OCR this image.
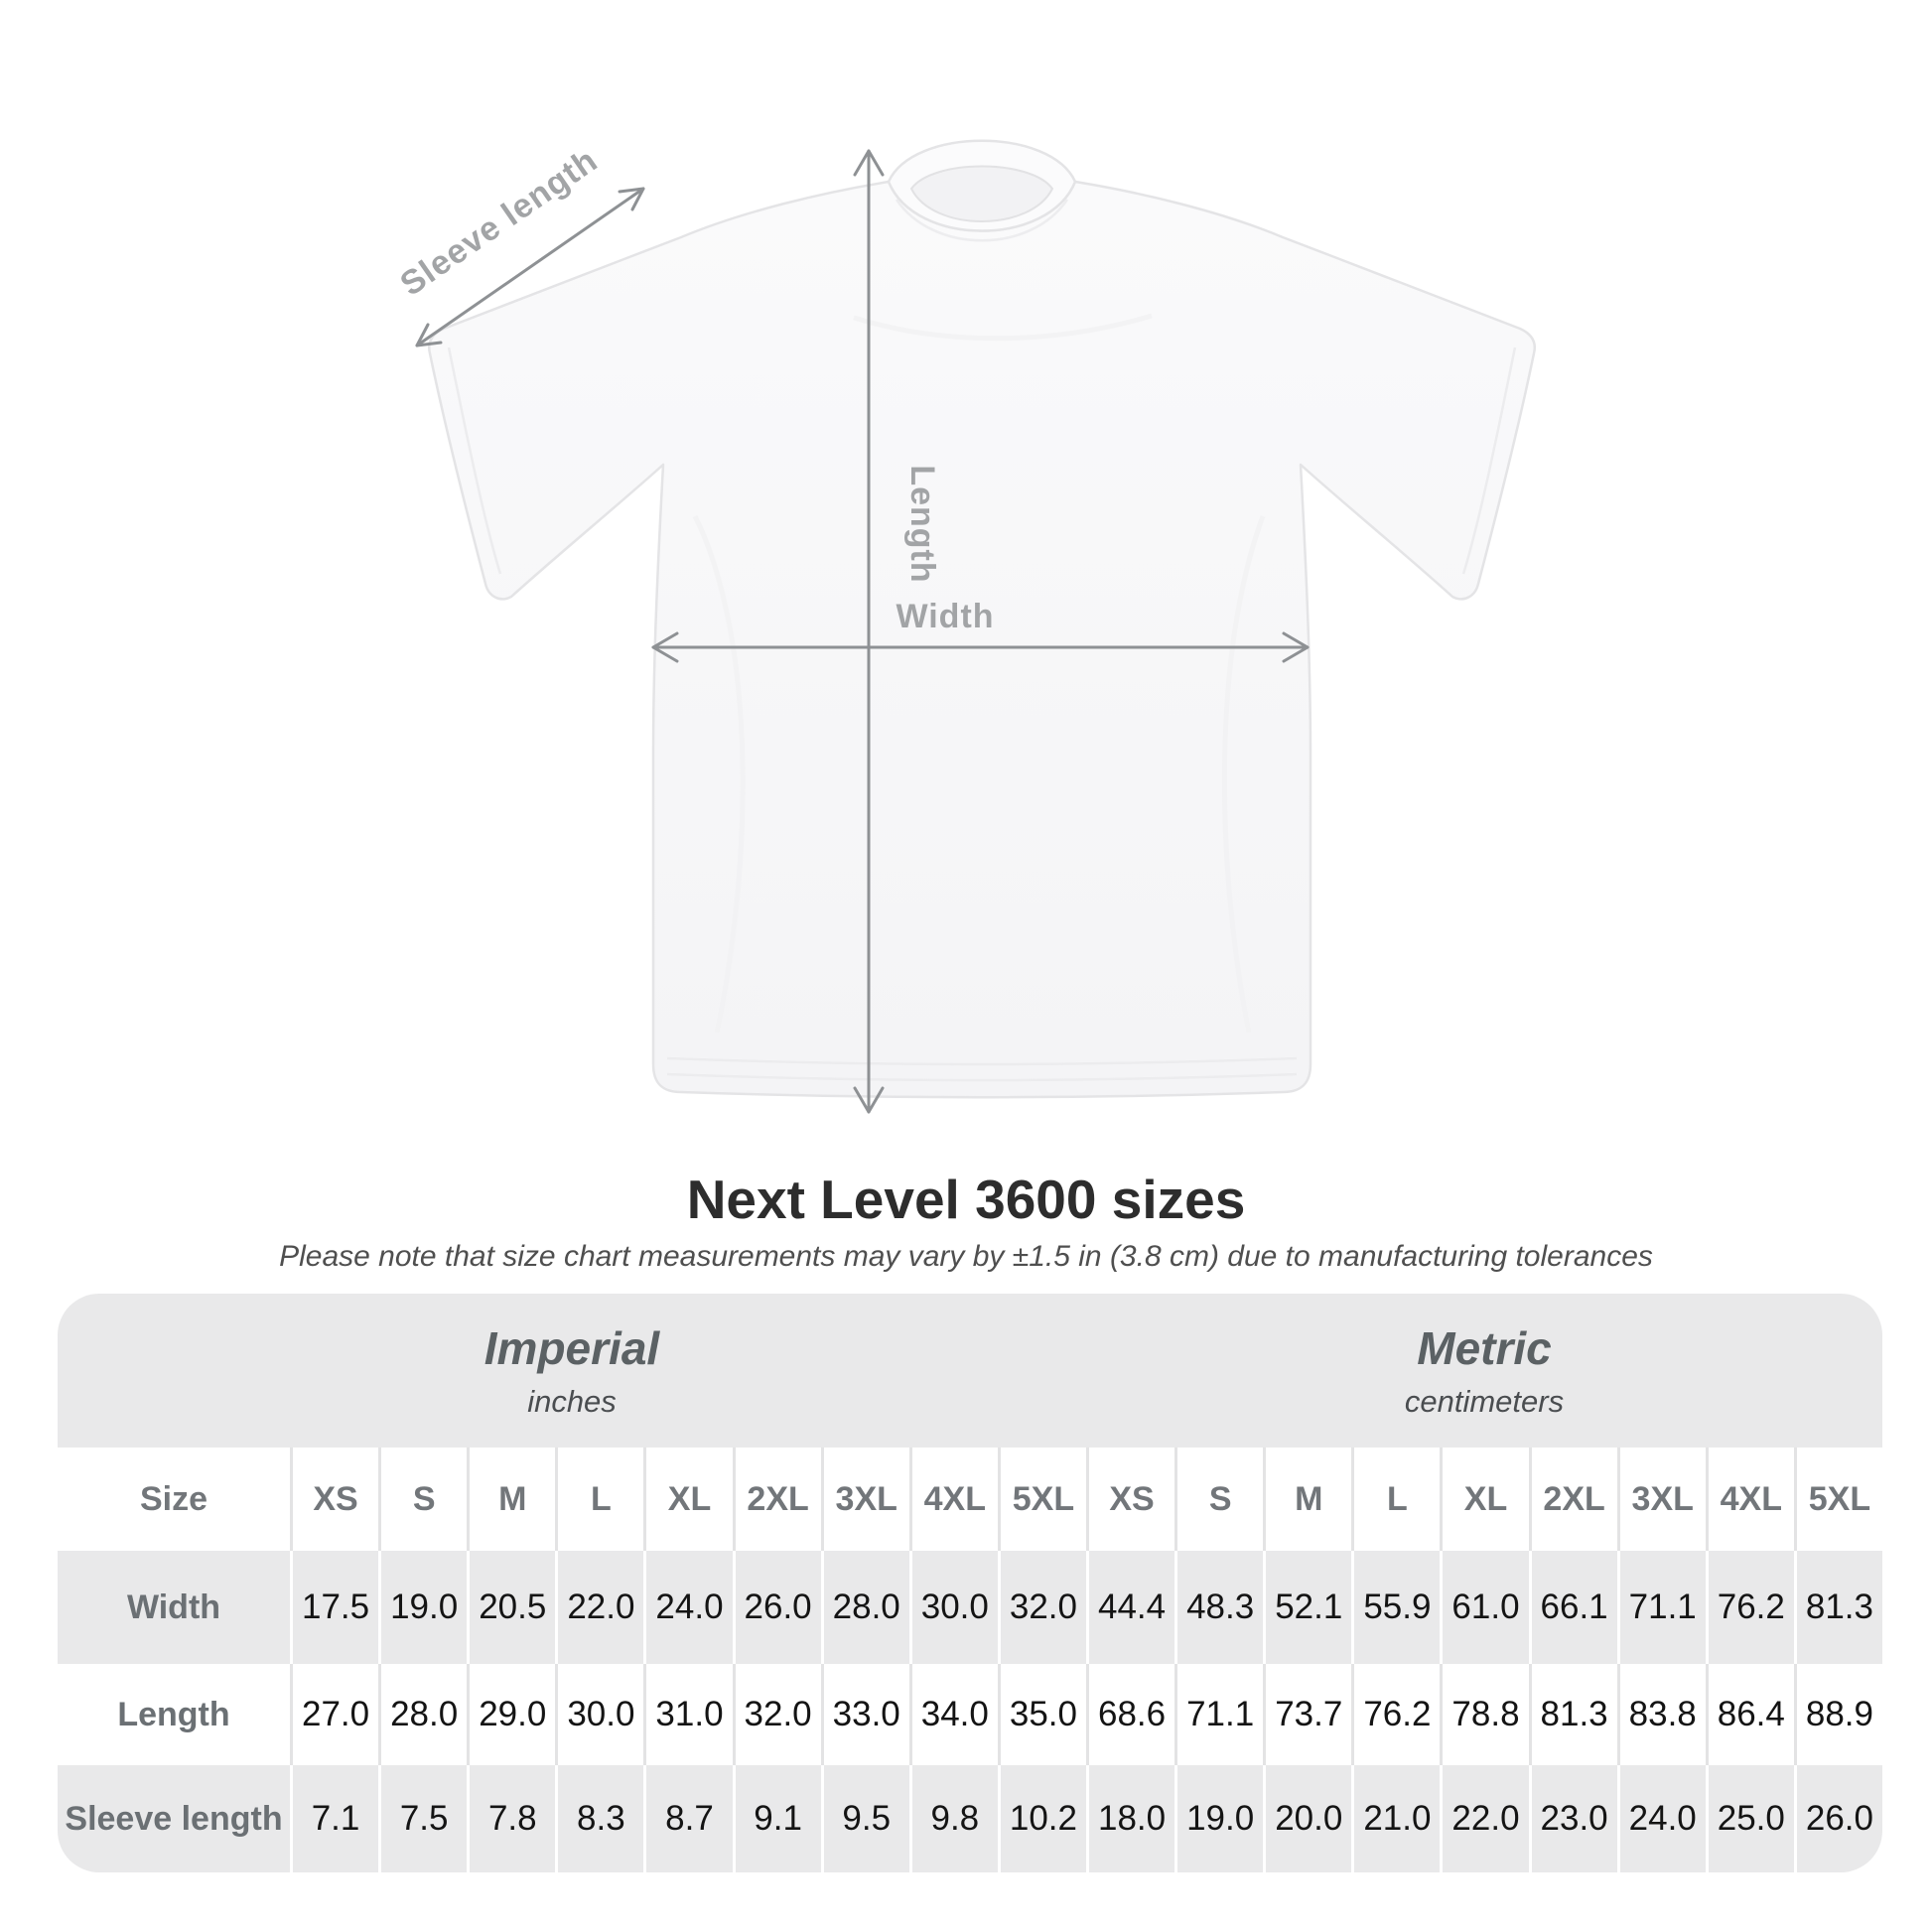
Sleeve length
Length
Width
Next Level 3600 sizes

Please note that size chart measurements may vary by ±1.5 in (3.8 cm) due to manufacturing tolerances

Imperial
inches
Metric
centimeters
Size	XS	S	M	L	XL	2XL 3XL 4XL 5XL	XS	S	M	L	XL	2XL 3XL 4XL 5XL
Width	17.5 19.0 20.5 22.0 24.0 26.0 28.0 30.0 32.0 44.4 48.3 52.1 55.9 61.0 66.1 71.1 76.2 81.3
Length	27.0 28.0 29.0 30.0 31.0 32.0 33.0 34.0 35.0 68.6 71.1 73.7 76.2 78.8 81.3 83.8 86.4 88.9
Sleeve length 7.1	7.5	7.8	8.3	8.7	9.1	9.5	9.8 10.2 18.0 19.0 20.0 21.0 22.0 23.0 24.0 25.0 26.0
